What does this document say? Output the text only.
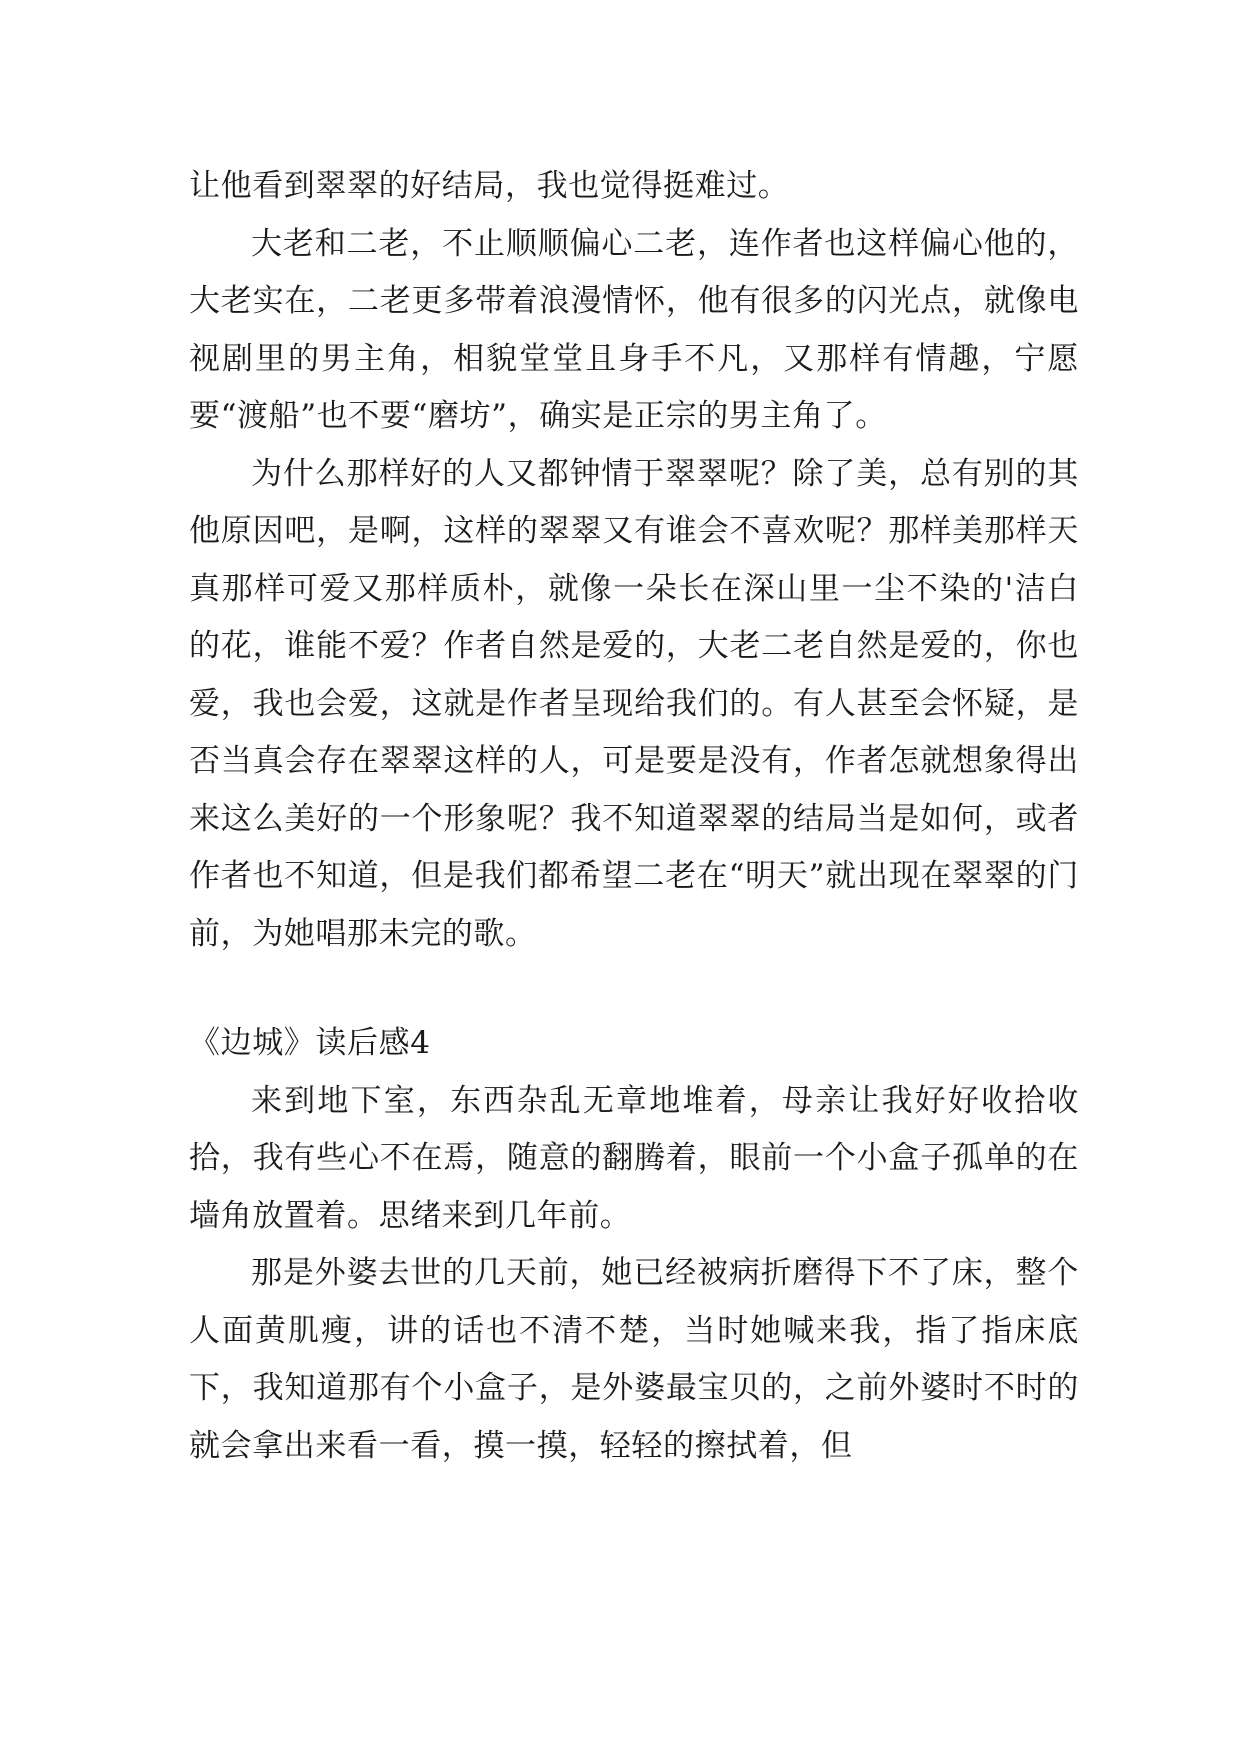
让他看到翠翠的好结局，我也觉得挺难过。

大老和二老，不止顺顺偏心二老，连作者也这样偏心他的，大老实在，二老更多带着浪漫情怀，他有很多的闪光点，就像电视剧里的男主角，相貌堂堂且身手不凡，又那样有情趣，宁愿要“渡船”也不要“磨坊”，确实是正宗的男主角了。

为什么那样好的人又都钟情于翠翠呢？除了美，总有别的其他原因吧，是啊，这样的翠翠又有谁会不喜欢呢？那样美那样天真那样可爱又那样质朴，就像一朵长在深山里一尘不染的'洁白的花，谁能不爱？作者自然是爱的，大老二老自然是爱的，你也爱，我也会爱，这就是作者呈现给我们的。有人甚至会怀疑，是否当真会存在翠翠这样的人，可是要是没有，作者怎就想象得出来这么美好的一个形象呢？我不知道翠翠的结局当是如何，或者作者也不知道，但是我们都希望二老在“明天”就出现在翠翠的门前，为她唱那未完的歌。

《边城》读后感4

来到地下室，东西杂乱无章地堆着，母亲让我好好收拾收拾，我有些心不在焉，随意的翻腾着，眼前一个小盒子孤单的在墙角放置着。思绪来到几年前。

那是外婆去世的几天前，她已经被病折磨得下不了床，整个人面黄肌瘦，讲的话也不清不楚，当时她喊来我，指了指床底下，我知道那有个小盒子，是外婆最宝贝的，之前外婆时不时的就会拿出来看一看，摸一摸，轻轻的擦拭着，但
